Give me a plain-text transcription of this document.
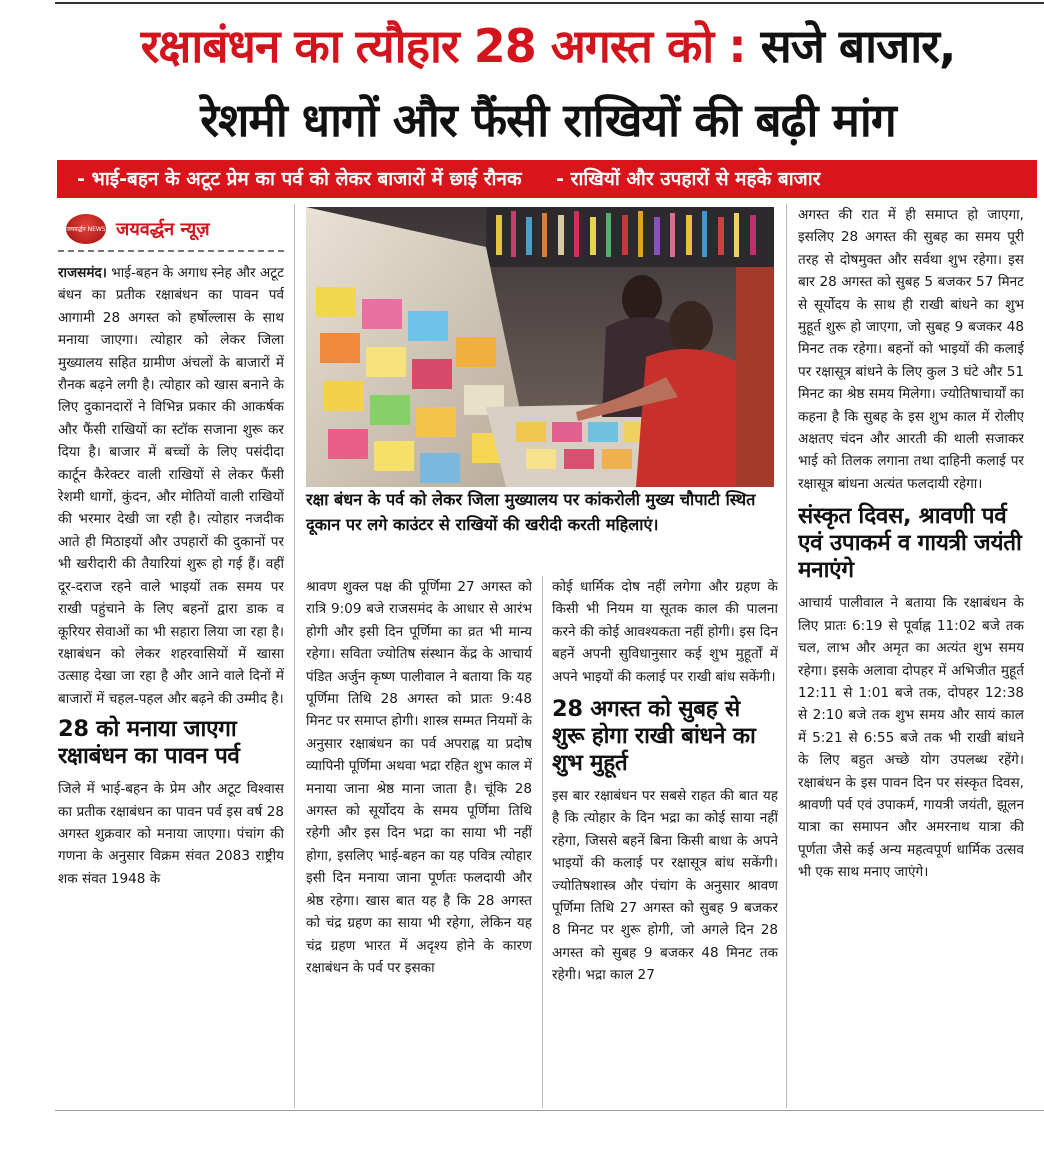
रक्षाबंधन का त्यौहार 28 अगस्त को : सजे बाजार,
रेशमी धागों और फैंसी राखियों की बढ़ी मांग
- भाई-बहन के अटूट प्रेम का पर्व को लेकर बाजारों में छाई रौनक - राखियों और उपहारों से महके बाजार
जयवर्द्धन NEWS जयवर्द्धन न्यूज़

राजसमंद। भाई-बहन के अगाध स्नेह और अटूट बंधन का प्रतीक रक्षाबंधन का पावन पर्व आगामी 28 अगस्त को हर्षोल्लास के साथ मनाया जाएगा। त्योहार को लेकर जिला मुख्यालय सहित ग्रामीण अंचलों के बाजारों में रौनक बढ़ने लगी है। त्योहार को खास बनाने के लिए दुकानदारों ने विभिन्न प्रकार की आकर्षक और फैंसी राखियों का स्टॉक सजाना शुरू कर दिया है। बाजार में बच्चों के लिए पसंदीदा कार्टून कैरेक्टर वाली राखियों से लेकर फैंसी रेशमी धागों, कुंदन, और मोतियों वाली राखियों की भरमार देखी जा रही है। त्योहार नजदीक आते ही मिठाइयों और उपहारों की दुकानों पर भी खरीदारी की तैयारियां शुरू हो गई हैं। वहीं दूर-दराज रहने वाले भाइयों तक समय पर राखी पहुंचाने के लिए बहनों द्वारा डाक व कूरियर सेवाओं का भी सहारा लिया जा रहा है। रक्षाबंधन को लेकर शहरवासियों में खासा उत्साह देखा जा रहा है और आने वाले दिनों में बाजारों में चहल-पहल और बढ़ने की उम्मीद है।

28 को मनाया जाएगा रक्षाबंधन का पावन पर्व

जिले में भाई-बहन के प्रेम और अटूट विश्वास का प्रतीक रक्षाबंधन का पावन पर्व इस वर्ष 28 अगस्त शुक्रवार को मनाया जाएगा। पंचांग की गणना के अनुसार विक्रम संवत 2083 राष्ट्रीय शक संवत 1948 के

रक्षा बंधन के पर्व को लेकर जिला मुख्यालय पर कांकरोली मुख्य चौपाटी स्थित दूकान पर लगे काउंटर से राखियों की खरीदी करती महिलाएं।

श्रावण शुक्ल पक्ष की पूर्णिमा 27 अगस्त को रात्रि 9:09 बजे राजसमंद के आधार से आरंभ होगी और इसी दिन पूर्णिमा का व्रत भी मान्य रहेगा। सविता ज्योतिष संस्थान केंद्र के आचार्य पंडित अर्जुन कृष्ण पालीवाल ने बताया कि यह पूर्णिमा तिथि 28 अगस्त को प्रातः 9:48 मिनट पर समाप्त होगी। शास्त्र सम्मत नियमों के अनुसार रक्षाबंधन का पर्व अपराह्न या प्रदोष व्यापिनी पूर्णिमा अथवा भद्रा रहित शुभ काल में मनाया जाना श्रेष्ठ माना जाता है। चूंकि 28 अगस्त को सूर्योदय के समय पूर्णिमा तिथि रहेगी और इस दिन भद्रा का साया भी नहीं होगा, इसलिए भाई-बहन का यह पवित्र त्योहार इसी दिन मनाया जाना पूर्णतः फलदायी और श्रेष्ठ रहेगा। खास बात यह है कि 28 अगस्त को चंद्र ग्रहण का साया भी रहेगा, लेकिन यह चंद्र ग्रहण भारत में अदृश्य होने के कारण रक्षाबंधन के पर्व पर इसका

कोई धार्मिक दोष नहीं लगेगा और ग्रहण के किसी भी नियम या सूतक काल की पालना करने की कोई आवश्यकता नहीं होगी। इस दिन बहनें अपनी सुविधानुसार कई शुभ मुहूर्तों में अपने भाइयों की कलाई पर राखी बांध सकेंगी।

28 अगस्त को सुबह से शुरू होगा राखी बांधने का शुभ मुहूर्त

इस बार रक्षाबंधन पर सबसे राहत की बात यह है कि त्योहार के दिन भद्रा का कोई साया नहीं रहेगा, जिससे बहनें बिना किसी बाधा के अपने भाइयों की कलाई पर रक्षासूत्र बांध सकेंगी। ज्योतिषशास्त्र और पंचांग के अनुसार श्रावण पूर्णिमा तिथि 27 अगस्त को सुबह 9 बजकर 8 मिनट पर शुरू होगी, जो अगले दिन 28 अगस्त को सुबह 9 बजकर 48 मिनट तक रहेगी। भद्रा काल 27

अगस्त की रात में ही समाप्त हो जाएगा, इसलिए 28 अगस्त की सुबह का समय पूरी तरह से दोषमुक्त और सर्वथा शुभ रहेगा। इस बार 28 अगस्त को सुबह 5 बजकर 57 मिनट से सूर्योदय के साथ ही राखी बांधने का शुभ मुहूर्त शुरू हो जाएगा, जो सुबह 9 बजकर 48 मिनट तक रहेगा। बहनों को भाइयों की कलाई पर रक्षासूत्र बांधने के लिए कुल 3 घंटे और 51 मिनट का श्रेष्ठ समय मिलेगा। ज्योतिषाचार्यों का कहना है कि सुबह के इस शुभ काल में रोलीए अक्षतए चंदन और आरती की थाली सजाकर भाई को तिलक लगाना तथा दाहिनी कलाई पर रक्षासूत्र बांधना अत्यंत फलदायी रहेगा।

संस्कृत दिवस, श्रावणी पर्व एवं उपाकर्म व गायत्री जयंती मनाएंगे

आचार्य पालीवाल ने बताया कि रक्षाबंधन के लिए प्रातः 6:19 से पूर्वाह्न 11:02 बजे तक चल, लाभ और अमृत का अत्यंत शुभ समय रहेगा। इसके अलावा दोपहर में अभिजीत मुहूर्त 12:11 से 1:01 बजे तक, दोपहर 12:38 से 2:10 बजे तक शुभ समय और सायं काल में 5:21 से 6:55 बजे तक भी राखी बांधने के लिए बहुत अच्छे योग उपलब्ध रहेंगे। रक्षाबंधन के इस पावन दिन पर संस्कृत दिवस, श्रावणी पर्व एवं उपाकर्म, गायत्री जयंती, झूलन यात्रा का समापन और अमरनाथ यात्रा की पूर्णता जैसे कई अन्य महत्वपूर्ण धार्मिक उत्सव भी एक साथ मनाए जाएंगे।
